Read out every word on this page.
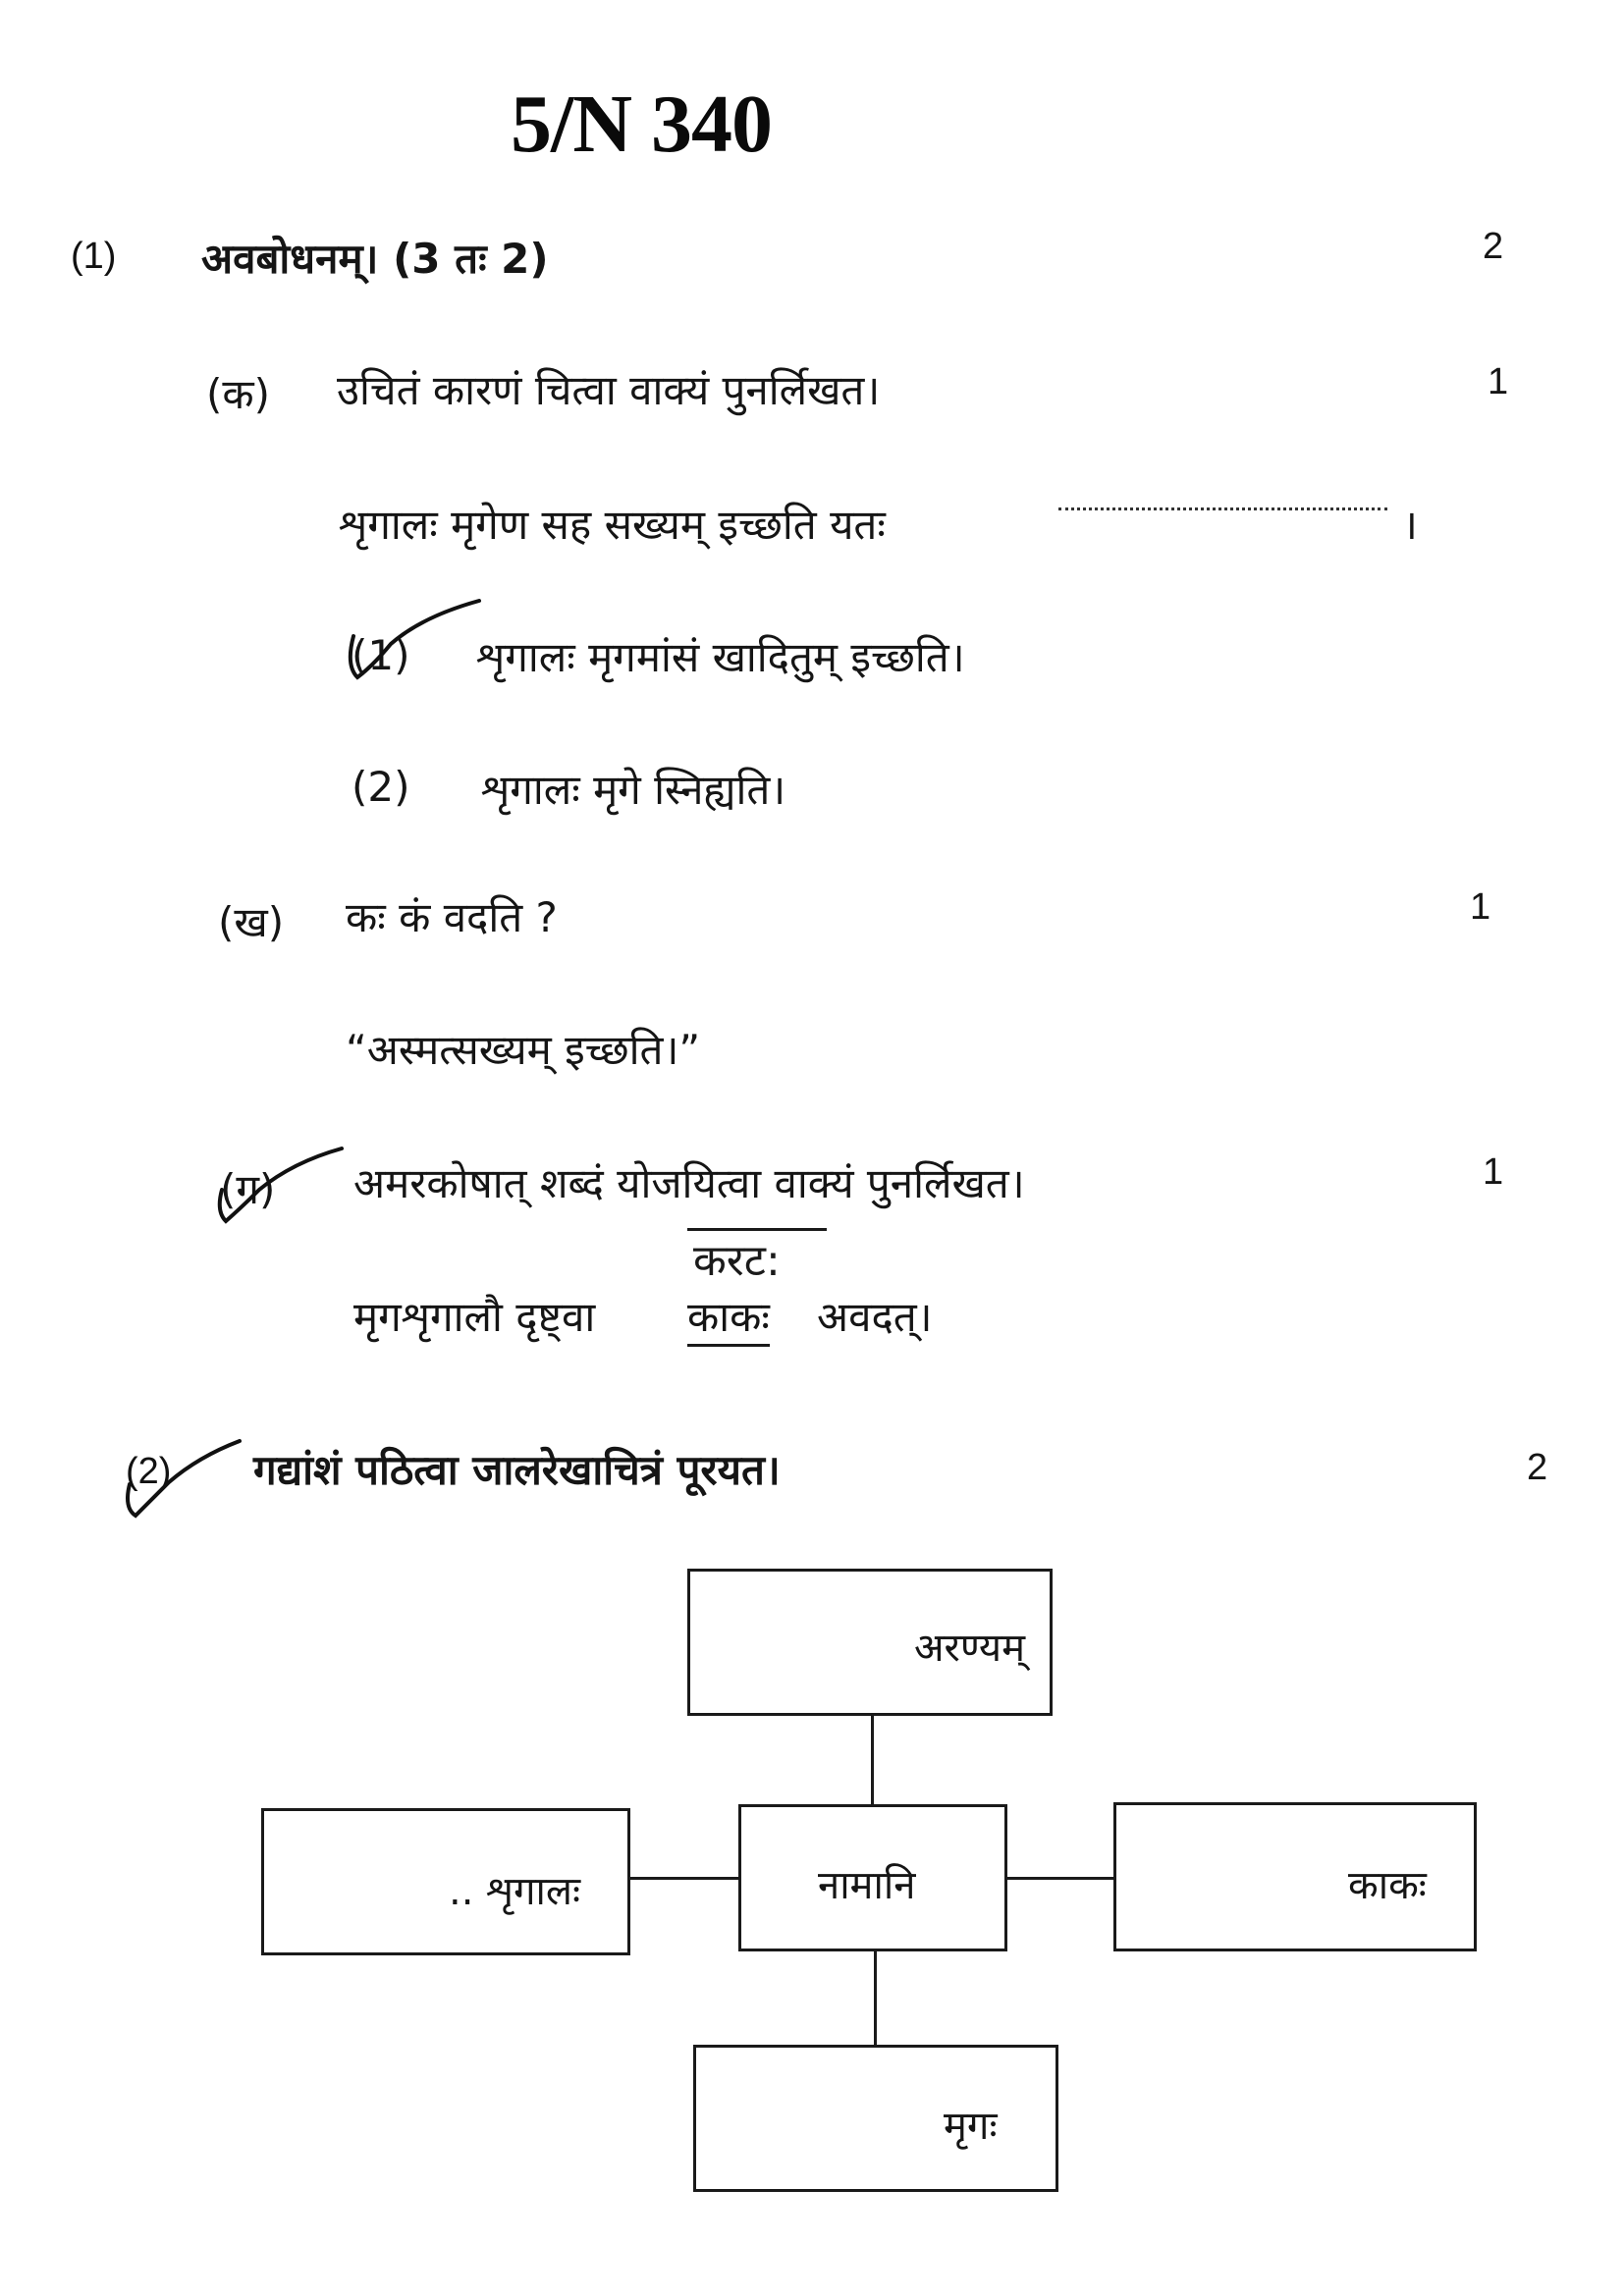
5/N 340
(1) अवबोधनम्। (3 तः 2)	2
(क) उचितं कारणं चित्वा वाक्यं पुनर्लिखत।	1
शृगालः मृगेण सह सख्यम् इच्छति यतः	।
(1) शृगालः मृगमांसं खादितुम् इच्छति।
(2) शृगालः मृगे स्निह्यति।
(ख) कः कं वदति ?	1
“अस्मत्सख्यम् इच्छति।”
(ग) अमरकोषात् शब्दं योजयित्वा वाक्यं पुनर्लिखत।	1
करट:
मृगशृगालौ दृष्ट्वा काकः अवदत्।
(2) गद्यांशं पठित्वा जालरेखाचित्रं पूरयत।	2
अरण्यम्
नामानि
.. शृगालः	काकः
मृगः
